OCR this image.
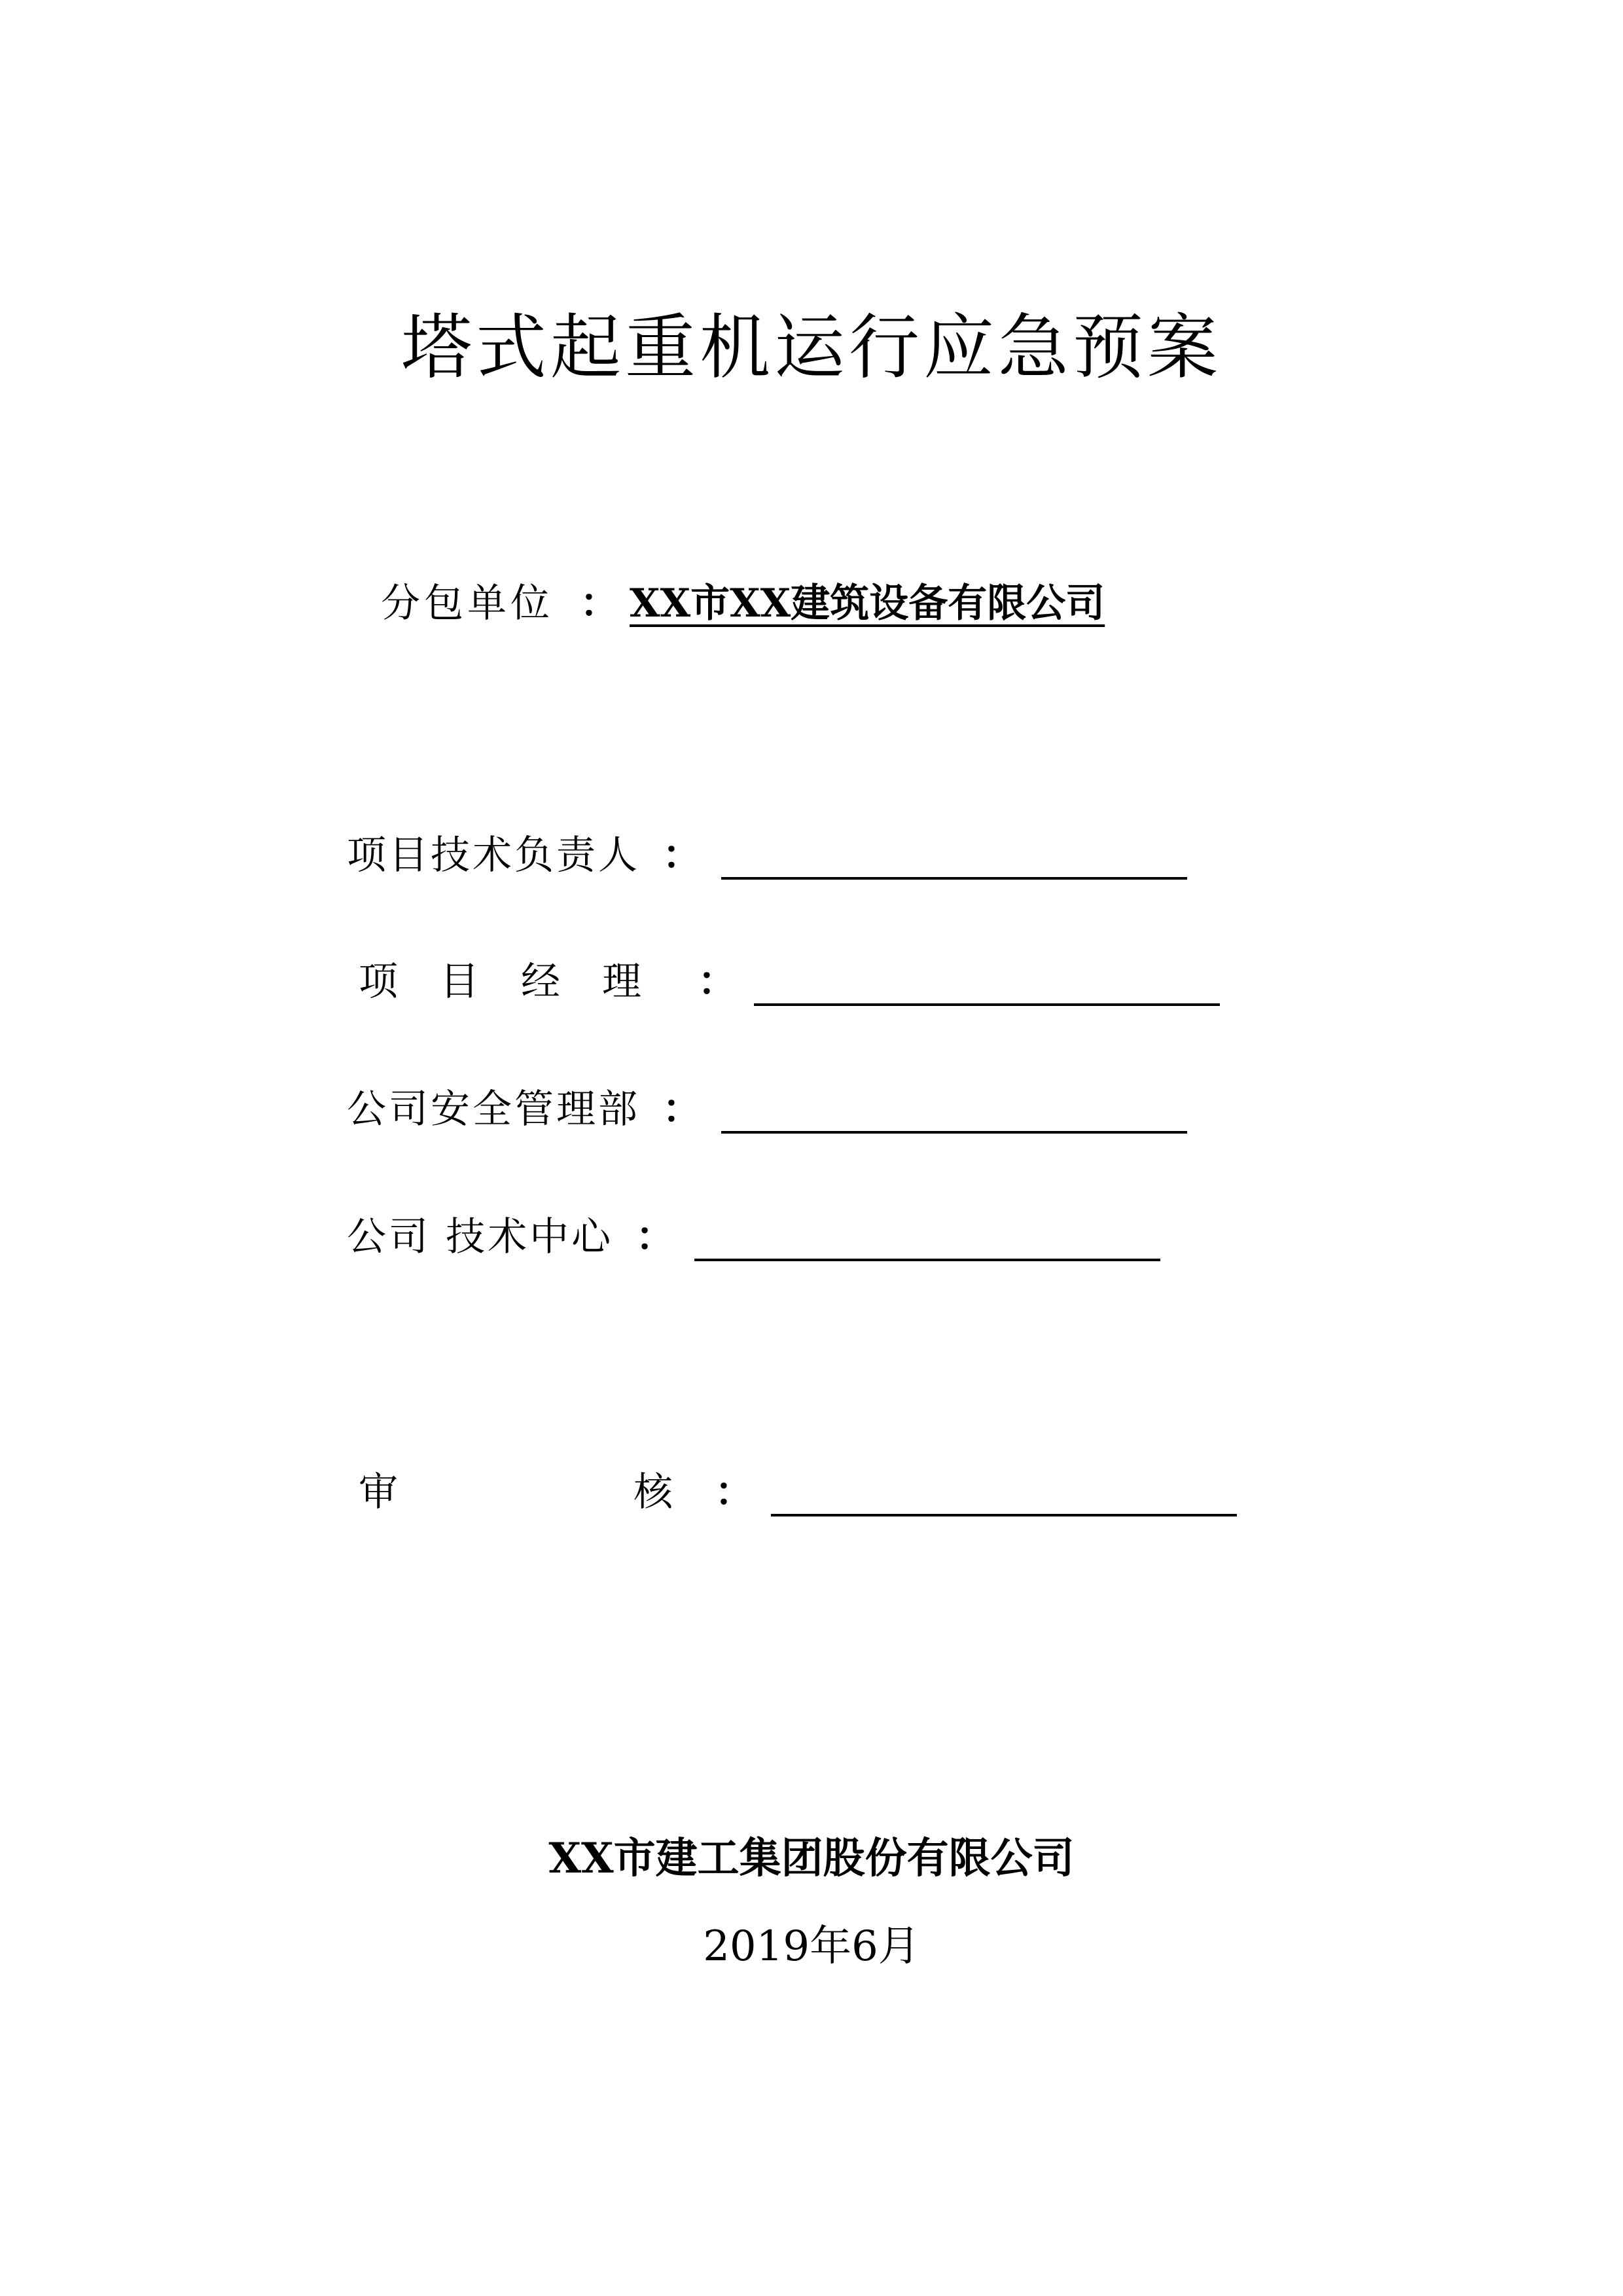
塔式起重机运行应急预案
分包单位 ： XX市XX建筑设备有限公司
项目技术负责人 ：
项目经理 ：
公司安全管理部 ：
公司 技术中心 ：
审	核 ：
XX市建工集团股份有限公司
2019年6月
